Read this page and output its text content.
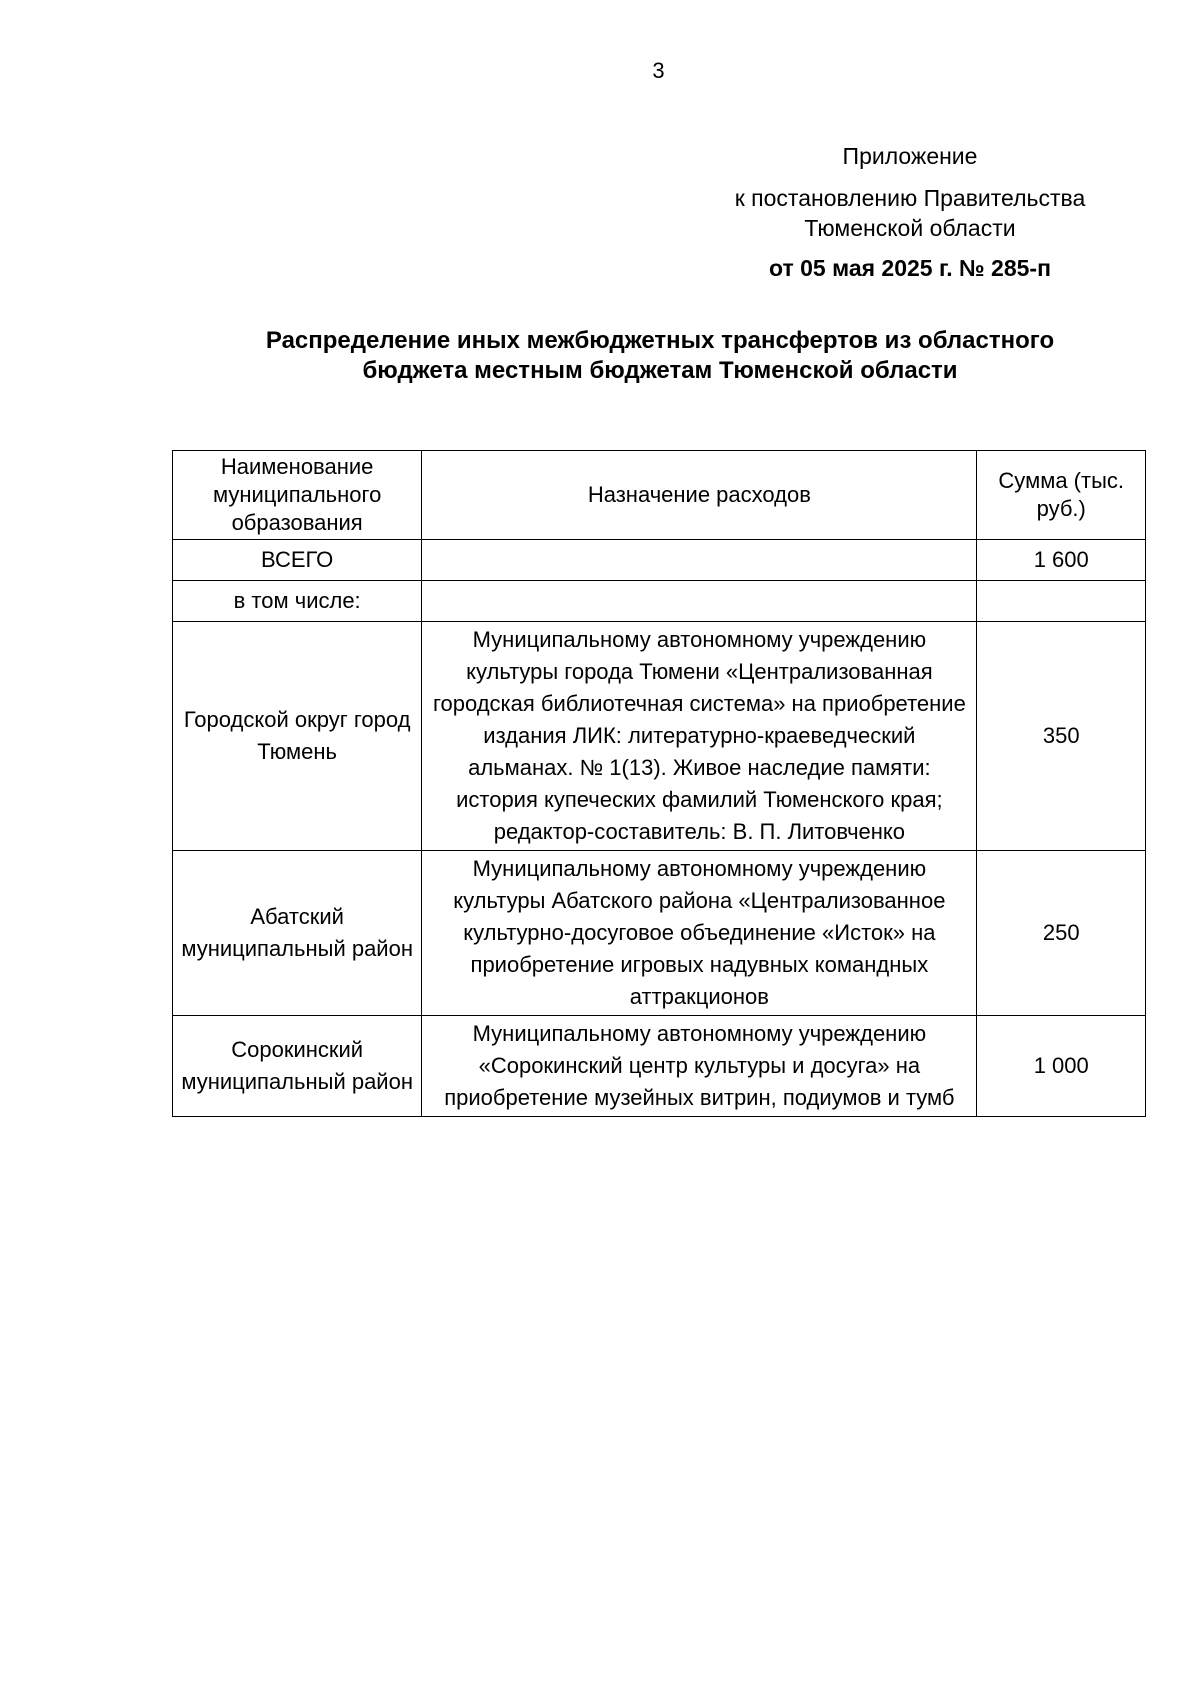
3
Приложение
к постановлению Правительства
Тюменской области
от 05 мая 2025 г. № 285-п
Распределение иных межбюджетных трансфертов из областного
бюджета местным бюджетам Тюменской области
Наименование муниципального образования	Назначение расходов	Сумма (тыс. руб.)
ВСЕГО		1 600
в том числе:		
Городской округ город Тюмень	Муниципальному автономному учреждению культуры города Тюмени «Централизованная городская библиотечная система» на приобретение издания ЛИК: литературно-краеведческий альманах. № 1(13). Живое наследие памяти: история купеческих фамилий Тюменского края; редактор-составитель: В. П. Литовченко	350
Абатский муниципальный район	Муниципальному автономному учреждению культуры Абатского района «Централизованное культурно-досуговое объединение «Исток» на приобретение игровых надувных командных аттракционов	250
Сорокинский муниципальный район	Муниципальному автономному учреждению «Сорокинский центр культуры и досуга» на приобретение музейных витрин, подиумов и тумб	1 000
